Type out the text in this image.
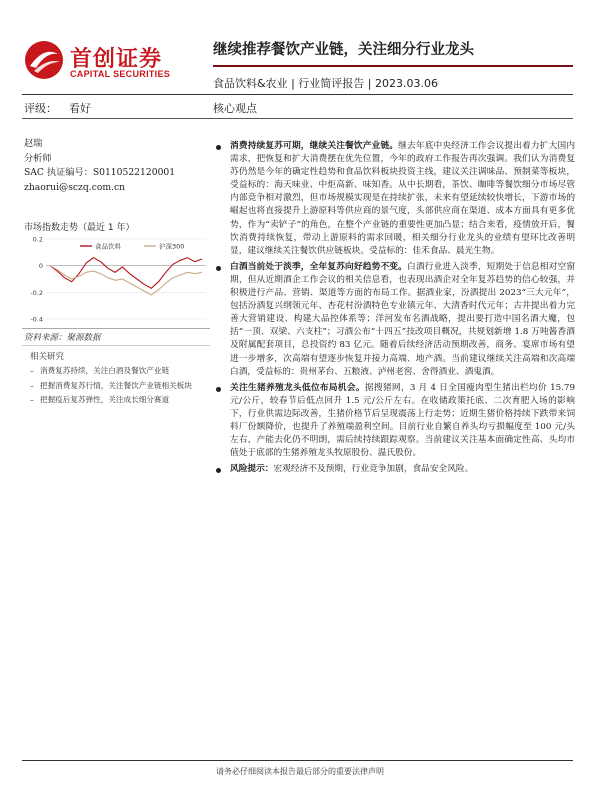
首创证券
CAPITAL SECURITIES
继续推荐餐饮产业链，关注细分行业龙头
食品饮料&农业 | 行业简评报告 | 2023.03.06
评级： 看好	核心观点
赵瑞
分析师
SAC 执证编号：S0110522120001
zhaorui@sczq.com.cn
市场指数走势（最近 1 年）
0.2
0
-0.2
-0.4
食品饮料	沪深300
资料来源：聚源数据
相关研究
– 消费复苏持续，关注白酒及餐饮产业链
– 把握消费复苏行情，关注餐饮产业链相关板块
– 把握疫后复苏弹性，关注成长细分赛道
消费持续复苏可期，继续关注餐饮产业链。继去年底中央经济工作会议提出着力扩大国内需求，把恢复和扩大消费摆在优先位置，今年的政府工作报告再次强调。我们认为消费复苏仍然是今年的确定性趋势和食品饮料板块投资主线，建议关注调味品、预制菜等板块，受益标的：海天味业、中炬高新、味知香。从中长期看，茶饮、咖啡等餐饮细分市场尽管内部竞争相对激烈，但市场规模实现是在持续扩张，未来有望延续较快增长，下游市场的崛起也将直接提升上游原料等供应商的景气度，头部供应商在渠道、成本方面具有更多优势，作为“卖铲子”的角色，在整个产业链的重要性更加凸显；结合来看，疫情放开后，餐饮消费持续恢复，带动上游原料的需求回暖，相关细分行业龙头的业绩有望环比改善明显，建议继续关注餐饮供应链板块。受益标的：佳禾食品、晨光生物。
白酒当前处于淡季，全年复苏向好趋势不变。白酒行业进入淡季，短期处于信息相对空窗期，但从近期酒企工作会议的相关信息看，也表现出酒企对全年复苏趋势的信心较强，并积极进行产品、营销、渠道等方面的布局工作。据酒业家，汾酒提出 2023“三大元年”，包括汾酒复兴纲领元年、杏花村汾酒特色专业镇元年、大清香时代元年；古井提出着力完善大营销建设、构建大品控体系等；洋河发布名酒战略，提出要打造中国名酒大魔，包括“一顶、双梁、六支柱”；习酒公布“十四五”技改项目概况，共规划新增 1.8 万吨酱香酒及附属配套项目，总投资约 83 亿元。随着后续经济活动预期改善，商务、宴席市场有望进一步增多，次高端有望逐步恢复并接力高端、地产酒。当前建议继续关注高端和次高端白酒，受益标的：贵州茅台、五粮液、泸州老窖、舍得酒业、酒鬼酒。
关注生猪养殖龙头低位布局机会。据搜猪网，3 月 4 日全国瘦肉型生猪出栏均价 15.79 元/公斤，较春节后低点回升 1.5 元/公斤左右。在收储政策托底、二次育肥入场的影响下，行业供需边际改善，生猪价格节后呈现震荡上行走势；近期生猪价格持续下跌带来饲料厂份额降价，也提升了养殖端盈利空间。目前行业自繁自养头均亏损幅度至 100 元/头左右，产能去化仍不明朗，需后续持续跟踪观察。当前建议关注基本面确定性高、头均市值处于底部的生猪养殖龙头牧原股份、温氏股份。
风险提示：宏观经济不及预期，行业竞争加剧，食品安全风险。
请务必仔细阅读本报告最后部分的重要法律声明
